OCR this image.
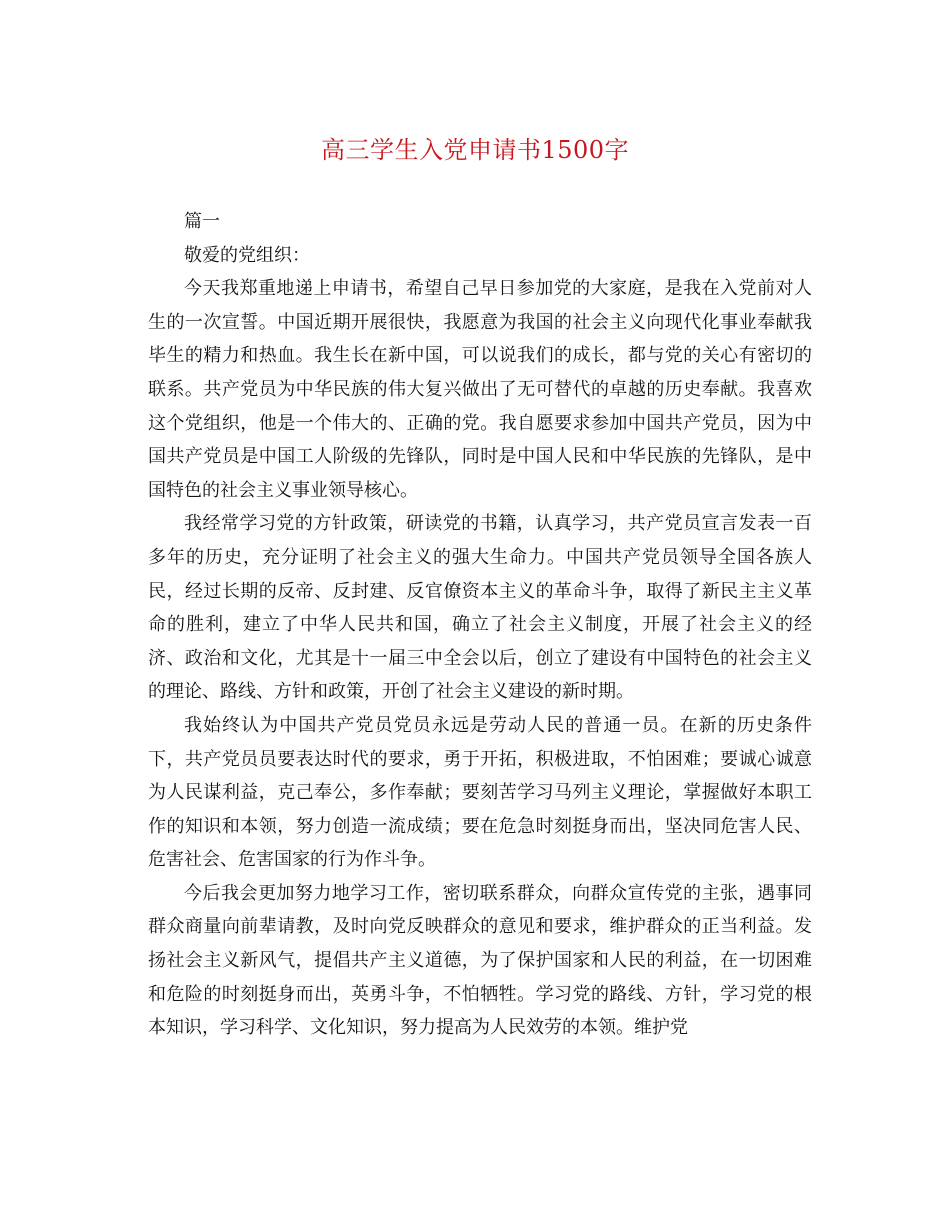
高三学生入党申请书1500字

篇一

敬爱的党组织：

今天我郑重地递上申请书，希望自己早日参加党的大家庭，是我在入党前对人生的一次宣誓。中国近期开展很快，我愿意为我国的社会主义向现代化事业奉献我毕生的精力和热血。我生长在新中国，可以说我们的成长，都与党的关心有密切的联系。共产党员为中华民族的伟大复兴做出了无可替代的卓越的历史奉献。我喜欢这个党组织，他是一个伟大的、正确的党。我自愿要求参加中国共产党员，因为中国共产党员是中国工人阶级的先锋队，同时是中国人民和中华民族的先锋队，是中国特色的社会主义事业领导核心。

我经常学习党的方针政策，研读党的书籍，认真学习，共产党员宣言发表一百多年的历史，充分证明了社会主义的强大生命力。中国共产党员领导全国各族人民，经过长期的反帝、反封建、反官僚资本主义的革命斗争，取得了新民主主义革命的胜利，建立了中华人民共和国，确立了社会主义制度，开展了社会主义的经济、政治和文化，尤其是十一届三中全会以后，创立了建设有中国特色的社会主义的理论、路线、方针和政策，开创了社会主义建设的新时期。

我始终认为中国共产党员党员永远是劳动人民的普通一员。在新的历史条件下，共产党员员要表达时代的要求，勇于开拓，积极进取，不怕困难；要诚心诚意为人民谋利益，克己奉公，多作奉献；要刻苦学习马列主义理论，掌握做好本职工作的知识和本领，努力创造一流成绩；要在危急时刻挺身而出，坚决同危害人民、危害社会、危害国家的行为作斗争。

今后我会更加努力地学习工作，密切联系群众，向群众宣传党的主张，遇事同群众商量向前辈请教，及时向党反映群众的意见和要求，维护群众的正当利益。发扬社会主义新风气，提倡共产主义道德，为了保护国家和人民的利益，在一切困难和危险的时刻挺身而出，英勇斗争，不怕牺牲。学习党的路线、方针，学习党的根本知识，学习科学、文化知识，努力提高为人民效劳的本领。维护党
